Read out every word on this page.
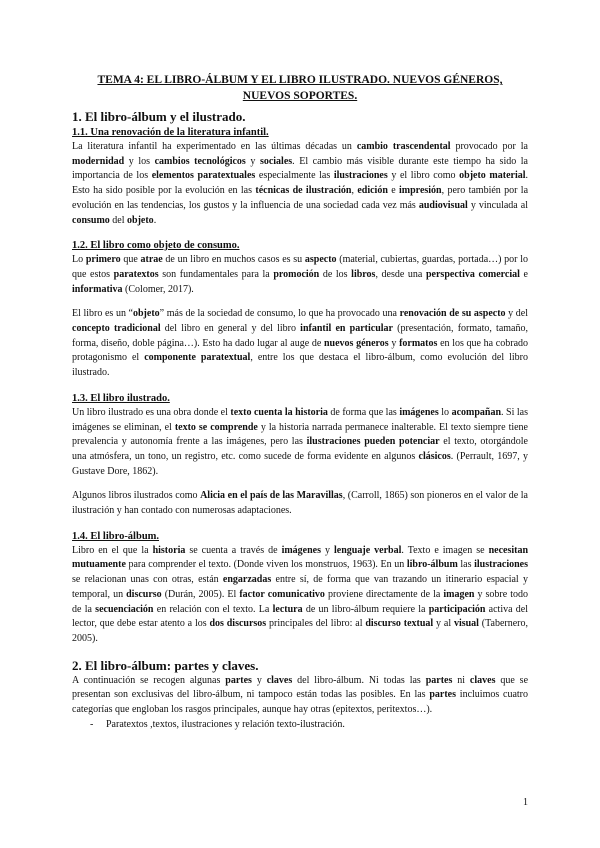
TEMA 4: EL LIBRO-ÁLBUM Y EL LIBRO ILUSTRADO. NUEVOS GÉNEROS,
NUEVOS SOPORTES.
1. El libro-álbum y el ilustrado.
1.1. Una renovación de la literatura infantil.

La literatura infantil ha experimentado en las últimas décadas un cambio trascendental provocado por la modernidad y los cambios tecnológicos y sociales. El cambio más visible durante este tiempo ha sido la importancia de los elementos paratextuales especialmente las ilustraciones y el libro como objeto material. Esto ha sido posible por la evolución en las técnicas de ilustración, edición e impresión, pero también por la evolución en las tendencias, los gustos y la influencia de una sociedad cada vez más audiovisual y vinculada al consumo del objeto.

1.2. El libro como objeto de consumo.

Lo primero que atrae de un libro en muchos casos es su aspecto (material, cubiertas, guardas, portada…) por lo que estos paratextos son fundamentales para la promoción de los libros, desde una perspectiva comercial e informativa (Colomer, 2017).

El libro es un “objeto” más de la sociedad de consumo, lo que ha provocado una renovación de su aspecto y del concepto tradicional del libro en general y del libro infantil en particular (presentación, formato, tamaño, forma, diseño, doble página…). Esto ha dado lugar al auge de nuevos géneros y formatos en los que ha cobrado protagonismo el componente paratextual, entre los que destaca el libro-álbum, como evolución del libro ilustrado.

1.3. El libro ilustrado.

Un libro ilustrado es una obra donde el texto cuenta la historia de forma que las imágenes lo acompañan. Si las imágenes se eliminan, el texto se comprende y la historia narrada permanece inalterable. El texto siempre tiene prevalencia y autonomía frente a las imágenes, pero las ilustraciones pueden potenciar el texto, otorgándole una atmósfera, un tono, un registro, etc. como sucede de forma evidente en algunos clásicos. (Perrault, 1697, y Gustave Dore, 1862).

Algunos libros ilustrados como Alicia en el país de las Maravillas, (Carroll, 1865) son pioneros en el valor de la ilustración y han contado con numerosas adaptaciones.

1.4. El libro-álbum.

Libro en el que la historia se cuenta a través de imágenes y lenguaje verbal. Texto e imagen se necesitan mutuamente para comprender el texto. (Donde viven los monstruos, 1963). En un libro-álbum las ilustraciones se relacionan unas con otras, están engarzadas entre sí, de forma que van trazando un itinerario espacial y temporal, un discurso (Durán, 2005). El factor comunicativo proviene directamente de la imagen y sobre todo de la secuenciación en relación con el texto. La lectura de un libro-álbum requiere la participación activa del lector, que debe estar atento a los dos discursos principales del libro: al discurso textual y al visual (Tabernero, 2005).

2. El libro-álbum: partes y claves.

A continuación se recogen algunas partes y claves del libro-álbum. Ni todas las partes ni claves que se presentan son exclusivas del libro-álbum, ni tampoco están todas las posibles. En las partes incluimos cuatro categorías que engloban los rasgos principales, aunque hay otras (epitextos, peritextos…).

- Paratextos ,textos, ilustraciones y relación texto-ilustración.
1
